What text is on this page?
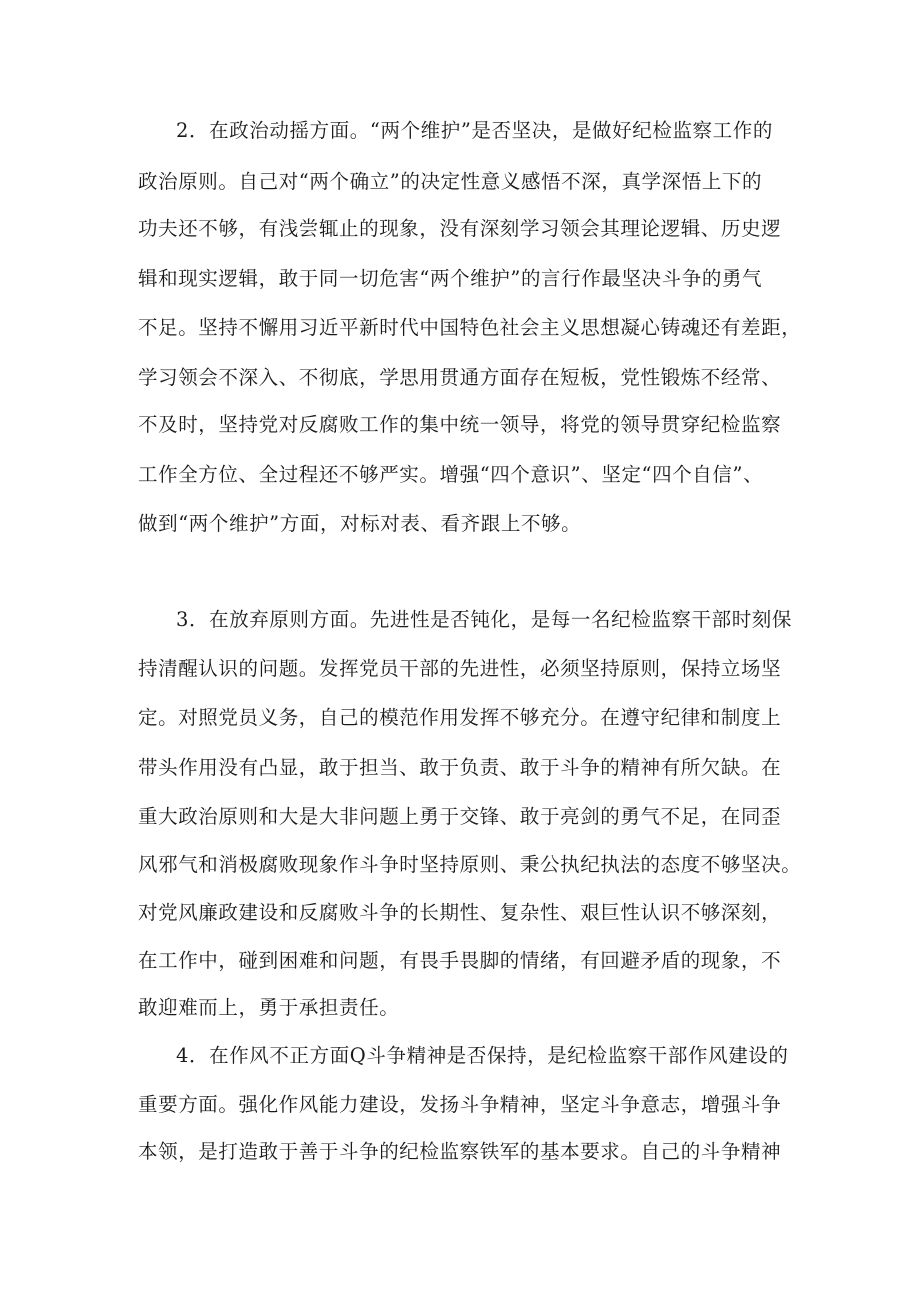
2．在政治动摇方面。“两个维护”是否坚决，是做好纪检监察工作的
政治原则。自己对“两个确立”的决定性意义感悟不深，真学深悟上下的
功夫还不够，有浅尝辄止的现象，没有深刻学习领会其理论逻辑、历史逻
辑和现实逻辑，敢于同一切危害“两个维护”的言行作最坚决斗争的勇气
不足。坚持不懈用习近平新时代中国特色社会主义思想凝心铸魂还有差距，
学习领会不深入、不彻底，学思用贯通方面存在短板，党性锻炼不经常、
不及时，坚持党对反腐败工作的集中统一领导，将党的领导贯穿纪检监察
工作全方位、全过程还不够严实。增强“四个意识”、坚定“四个自信”、
做到“两个维护”方面，对标对表、看齐跟上不够。
3．在放弃原则方面。先进性是否钝化，是每一名纪检监察干部时刻保
持清醒认识的问题。发挥党员干部的先进性，必须坚持原则，保持立场坚
定。对照党员义务，自己的模范作用发挥不够充分。在遵守纪律和制度上
带头作用没有凸显，敢于担当、敢于负责、敢于斗争的精神有所欠缺。在
重大政治原则和大是大非问题上勇于交锋、敢于亮剑的勇气不足，在同歪
风邪气和消极腐败现象作斗争时坚持原则、秉公执纪执法的态度不够坚决。
对党风廉政建设和反腐败斗争的长期性、复杂性、艰巨性认识不够深刻，
在工作中，碰到困难和问题，有畏手畏脚的情绪，有回避矛盾的现象，不
敢迎难而上，勇于承担责任。
4．在作风不正方面Q斗争精神是否保持，是纪检监察干部作风建设的
重要方面。强化作风能力建设，发扬斗争精神，坚定斗争意志，增强斗争
本领，是打造敢于善于斗争的纪检监察铁军的基本要求。自己的斗争精神
